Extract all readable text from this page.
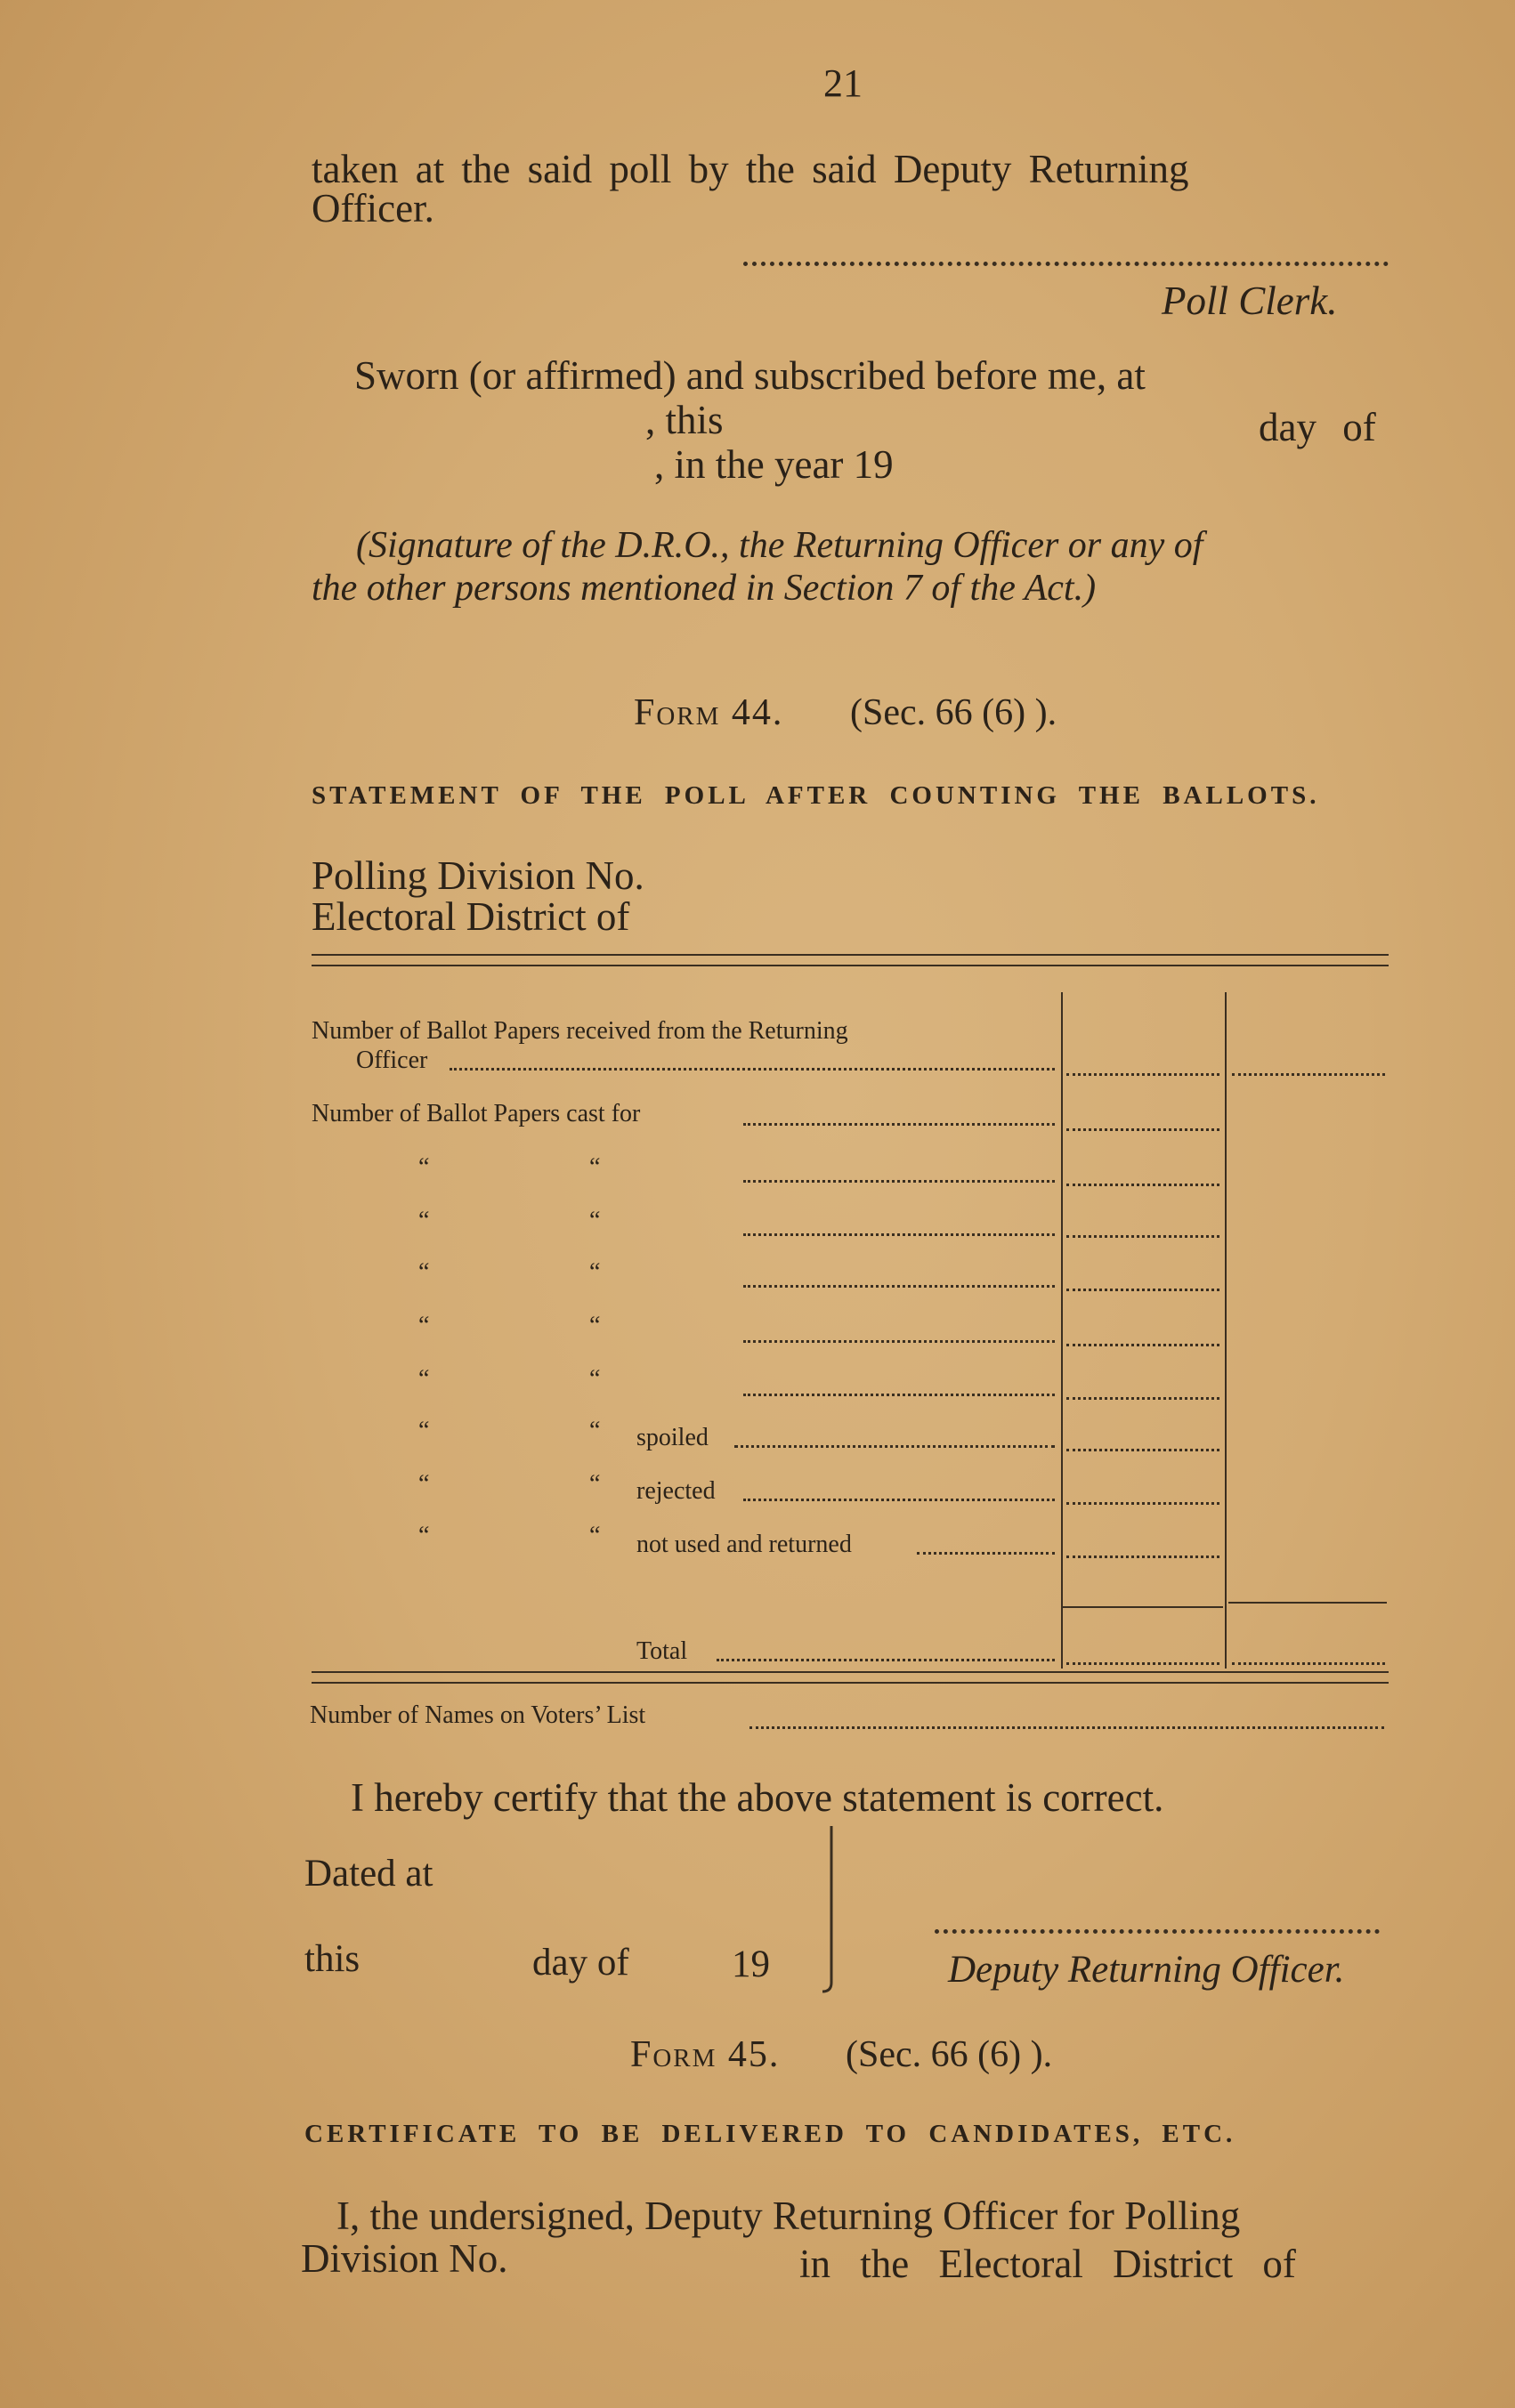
21
taken at the said poll by the said Deputy Returning
Officer.
Poll Clerk.
Sworn (or affirmed) and subscribed before me, at
, this	day of
, in the year 19
(Signature of the D.R.O., the Returning Officer or any of
the other persons mentioned in Section 7 of the Act.)
Form 44. (Sec. 66 (6) ).
STATEMENT OF THE POLL AFTER COUNTING THE BALLOTS.
Polling Division No.
Electoral District of
Number of Ballot Papers received from the Returning
Officer
Number of Ballot Papers cast for
“	“
“	“
“	“
“	“
“	“
“	“ spoiled
“	“ rejected
“	“ not used and returned
Total
Number of Names on Voters’ List
I hereby certify that the above statement is correct.
Dated at
this	day of	19	Deputy Returning Officer.
Form 45. (Sec. 66 (6) ).
CERTIFICATE TO BE DELIVERED TO CANDIDATES, ETC.
I, the undersigned, Deputy Returning Officer for Polling
Division No.	in the Electoral District of
